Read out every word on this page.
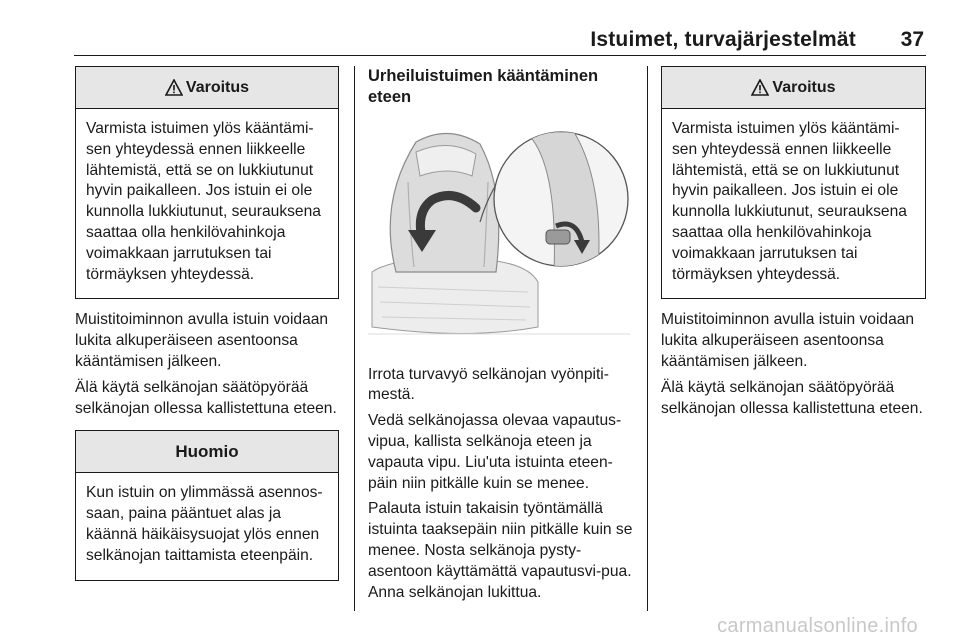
Istuimet, turvajärjestelmät 37
Varoitus
Varmista istuimen ylös kääntämi-sen yhteydessä ennen liikkeelle lähtemistä, että se on lukkiutunut hyvin paikalleen. Jos istuin ei ole kunnolla lukkiutunut, seurauksena saattaa olla henkilövahinkoja voimakkaan jarrutuksen tai törmäyksen yhteydessä.

Muistitoiminnon avulla istuin voidaan lukita alkuperäiseen asentoonsa kääntämisen jälkeen.

Älä käytä selkänojan säätöpyörää selkänojan ollessa kallistettuna eteen.

Huomio
Kun istuin on ylimmässä asennos-saan, paina pääntuet alas ja käännä häikäisysuojat ylös ennen selkänojan taittamista eteenpäin.

Urheiluistuimen kääntäminen eteen

Irrota turvavyö selkänojan vyönpiti-mestä.

Vedä selkänojassa olevaa vapautus-vipua, kallista selkänoja eteen ja vapauta vipu. Liu'uta istuinta eteen-päin niin pitkälle kuin se menee.

Palauta istuin takaisin työntämällä istuinta taaksepäin niin pitkälle kuin se menee. Nosta selkänoja pysty-asentoon käyttämättä vapautusvi-pua. Anna selkänojan lukittua.

Varoitus
Varmista istuimen ylös kääntämi-sen yhteydessä ennen liikkeelle lähtemistä, että se on lukkiutunut hyvin paikalleen. Jos istuin ei ole kunnolla lukkiutunut, seurauksena saattaa olla henkilövahinkoja voimakkaan jarrutuksen tai törmäyksen yhteydessä.

Muistitoiminnon avulla istuin voidaan lukita alkuperäiseen asentoonsa kääntämisen jälkeen.

Älä käytä selkänojan säätöpyörää selkänojan ollessa kallistettuna eteen.

carmanualsonline.info
